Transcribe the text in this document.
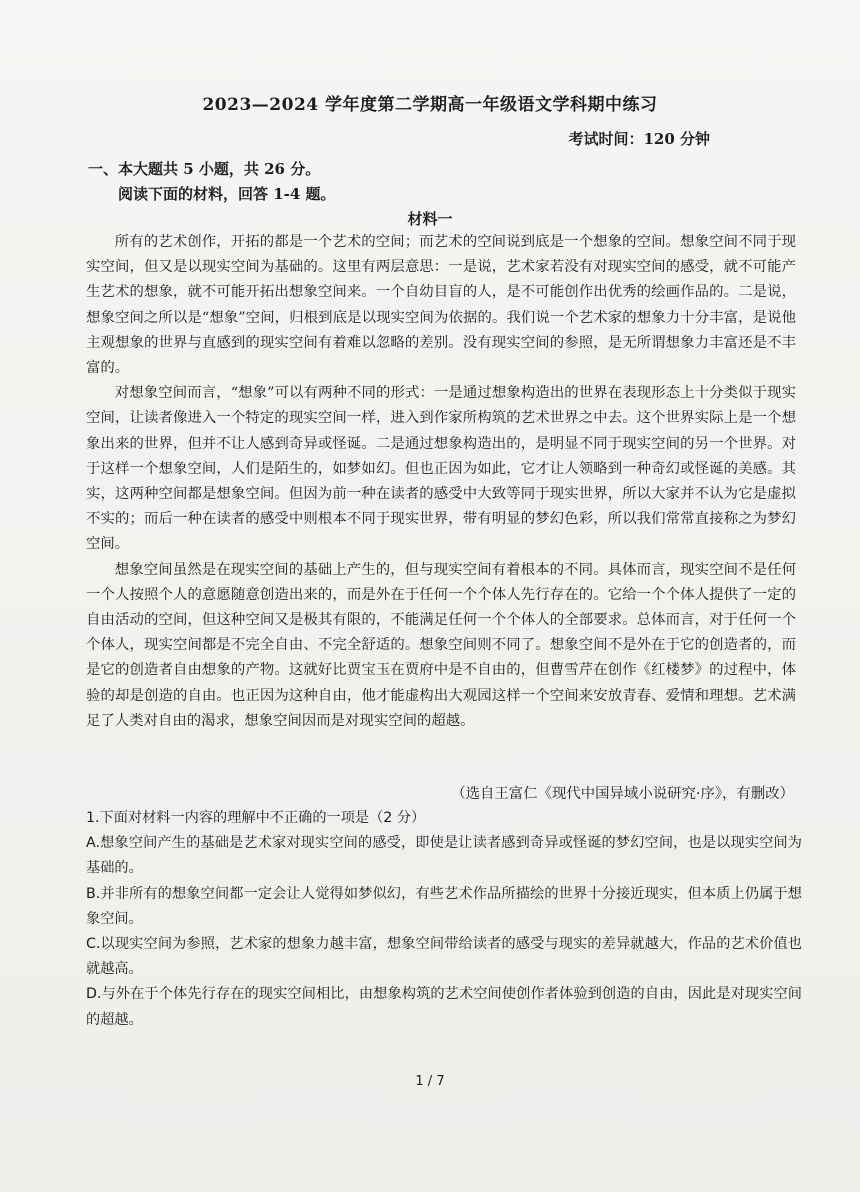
2023—2024 学年度第二学期高一年级语文学科期中练习
考试时间：120 分钟
一、本大题共 5 小题，共 26 分。
阅读下面的材料，回答 1-4 题。
材料一

所有的艺术创作，开拓的都是一个艺术的空间；而艺术的空间说到底是一个想象的空间。想象空间不同于现实空间，但又是以现实空间为基础的。这里有两层意思：一是说，艺术家若没有对现实空间的感受，就不可能产生艺术的想象，就不可能开拓出想象空间来。一个自幼目盲的人，是不可能创作出优秀的绘画作品的。二是说，想象空间之所以是“想象”空间，归根到底是以现实空间为依据的。我们说一个艺术家的想象力十分丰富，是说他主观想象的世界与直感到的现实空间有着难以忽略的差别。没有现实空间的参照，是无所谓想象力丰富还是不丰富的。

对想象空间而言，“想象”可以有两种不同的形式：一是通过想象构造出的世界在表现形态上十分类似于现实空间，让读者像进入一个特定的现实空间一样，进入到作家所构筑的艺术世界之中去。这个世界实际上是一个想象出来的世界，但并不让人感到奇异或怪诞。二是通过想象构造出的，是明显不同于现实空间的另一个世界。对于这样一个想象空间，人们是陌生的，如梦如幻。但也正因为如此，它才让人领略到一种奇幻或怪诞的美感。其实，这两种空间都是想象空间。但因为前一种在读者的感受中大致等同于现实世界，所以大家并不认为它是虚拟不实的；而后一种在读者的感受中则根本不同于现实世界，带有明显的梦幻色彩，所以我们常常直接称之为梦幻空间。

想象空间虽然是在现实空间的基础上产生的，但与现实空间有着根本的不同。具体而言，现实空间不是任何一个人按照个人的意愿随意创造出来的，而是外在于任何一个个体人先行存在的。它给一个个体人提供了一定的自由活动的空间，但这种空间又是极其有限的，不能满足任何一个个体人的全部要求。总体而言，对于任何一个个体人，现实空间都是不完全自由、不完全舒适的。想象空间则不同了。想象空间不是外在于它的创造者的，而是它的创造者自由想象的产物。这就好比贾宝玉在贾府中是不自由的，但曹雪芹在创作《红楼梦》的过程中，体验的却是创造的自由。也正因为这种自由，他才能虚构出大观园这样一个空间来安放青春、爱情和理想。艺术满足了人类对自由的渴求，想象空间因而是对现实空间的超越。

（选自王富仁《现代中国异域小说研究·序》，有删改）
1.下面对材料一内容的理解中不正确的一项是（2 分）
A.想象空间产生的基础是艺术家对现实空间的感受，即使是让读者感到奇异或怪诞的梦幻空间，也是以现实空间为基础的。
B.并非所有的想象空间都一定会让人觉得如梦似幻，有些艺术作品所描绘的世界十分接近现实，但本质上仍属于想象空间。
C.以现实空间为参照，艺术家的想象力越丰富，想象空间带给读者的感受与现实的差异就越大，作品的艺术价值也就越高。
D.与外在于个体先行存在的现实空间相比，由想象构筑的艺术空间使创作者体验到创造的自由，因此是对现实空间的超越。
1 / 7
